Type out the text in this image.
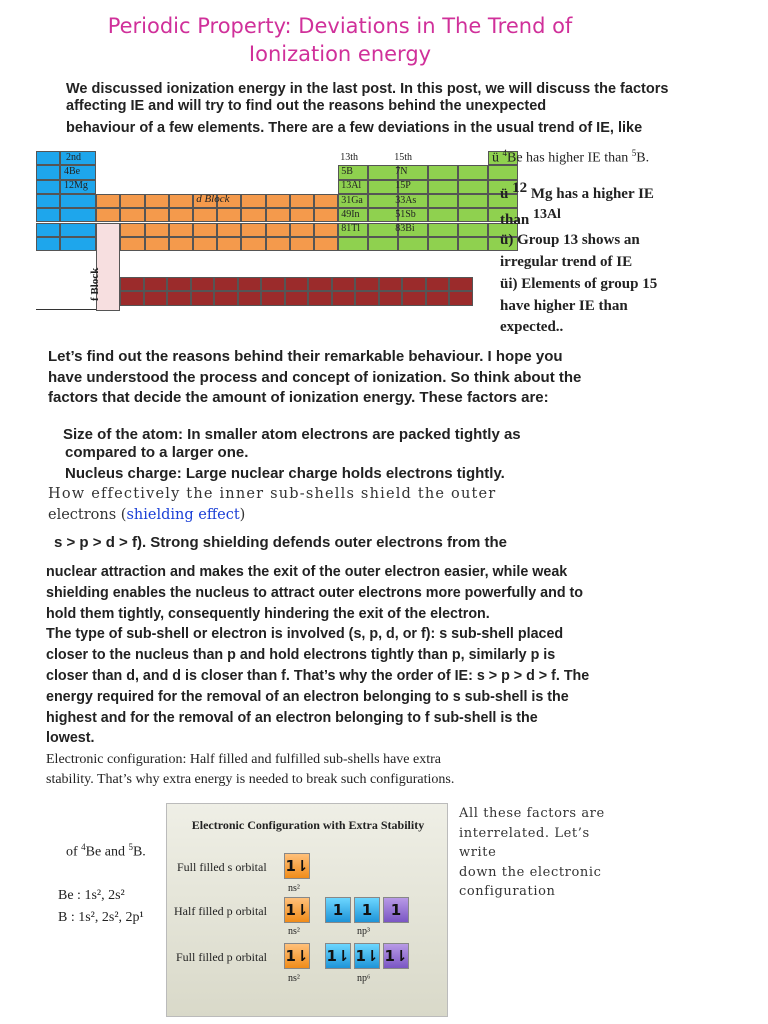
Periodic Property: Deviations in The Trend of
Ionization energy
We discussed ionization energy in the last post. In this post, we will discuss the factors
affecting IE and will try to find out the reasons behind the unexpected
behaviour of a few elements. There are a few deviations in the usual trend of IE, like
2nd
4Be
12Mg
13th	15th
5B
13Al
31Ga
49In
81Tl
7N
15P
33As
51Sb
83Bi
d Block
f Block
ü $^4$Be has higher IE than $^5$B.
ü $^{12}$ Mg has a higher IE
than $^{13Al}$
ü) Group 13 shows an
irregular trend of IE
üi) Elements of group 15
have higher IE than
expected..
Let’s find out the reasons behind their remarkable behaviour. I hope you
have understood the process and concept of ionization. So think about the
factors that decide the amount of ionization energy. These factors are:
Size of the atom: In smaller atom electrons are packed tightly as
compared to a larger one.
Nucleus charge: Large nuclear charge holds electrons tightly.
How effectively the inner sub-shells shield the outer
electrons (shielding effect)
s > p > d > f). Strong shielding defends outer electrons from the
nuclear attraction and makes the exit of the outer electron easier, while weak
shielding enables the nucleus to attract outer electrons more powerfully and to
hold them tightly, consequently hindering the exit of the electron.
The type of sub-shell or electron is involved (s, p, d, or f): s sub-shell placed
closer to the nucleus than p and hold electrons tightly than p, similarly p is
closer than d, and d is closer than f. That’s why the order of IE: s > p > d > f. The
energy required for the removal of an electron belonging to s sub-shell is the
highest and for the removal of an electron belonging to f sub-shell is the
lowest.
Electronic configuration: Half filled and fulfilled sub-shells have extra
stability. That’s why extra energy is needed to break such configurations.
of $^4$Be and $^5$B.
Be : 1s², 2s²
B : 1s², 2s², 2p¹
Electronic Configuration with Extra Stability
Full filled s orbital 1⇂
ns²
Half filled p orbital 1⇂	1	1	1
ns²	np³
Full filled p orbital 1⇂ 1⇂ 1⇂ 1⇂
ns²	np⁶
All these factors are
interrelated. Let’s write
down the electronic
configuration
